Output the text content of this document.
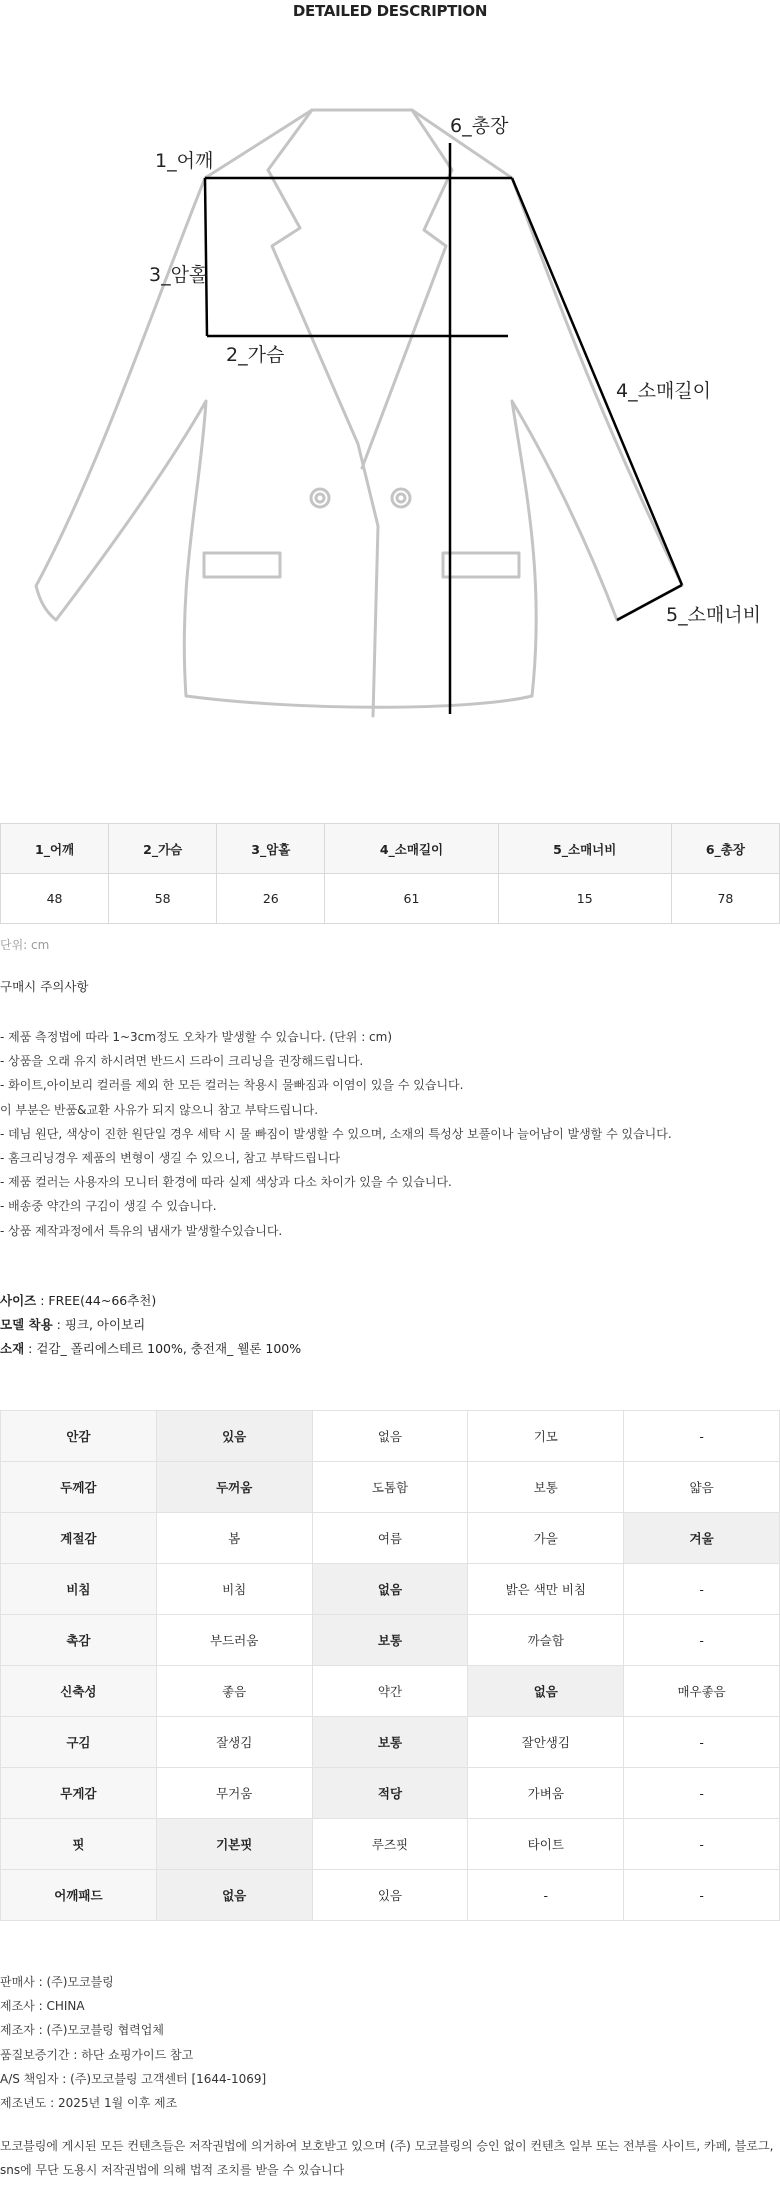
DETAILED DESCRIPTION
1_어깨
3_암홀
2_가슴
6_총장
4_소매길이
5_소매너비
1_어깨	2_가슴	3_암홀	4_소매길이	5_소매너비	6_총장
48	58	26	61	15	78
단위: cm
구매시 주의사항
- 제품 측정법에 따라 1~3cm정도 오차가 발생할 수 있습니다. (단위 : cm)
- 상품을 오래 유지 하시려면 반드시 드라이 크리닝을 권장해드립니다.
- 화이트,아이보리 컬러를 제외 한 모든 컬러는 착용시 물빠짐과 이염이 있을 수 있습니다.
이 부분은 반품&교환 사유가 되지 않으니 참고 부탁드립니다.
- 데님 원단, 색상이 진한 원단일 경우 세탁 시 물 빠짐이 발생할 수 있으며, 소재의 특성상 보풀이나 늘어남이 발생할 수 있습니다.
- 홈크리닝경우 제품의 변형이 생길 수 있으니, 참고 부탁드립니다
- 제품 컬러는 사용자의 모니터 환경에 따라 실제 색상과 다소 차이가 있을 수 있습니다.
- 배송중 약간의 구김이 생길 수 있습니다.
- 상품 제작과정에서 특유의 냄새가 발생할수있습니다.
사이즈 : FREE(44~66추천)
모델 착용 : 핑크, 아이보리
소재 : 겉감_ 폴리에스테르 100%, 충전재_ 웰론 100%
안감	있음	없음	기모	-
두께감	두꺼움	도톰함	보통	얇음
계절감	봄	여름	가을	겨울
비침	비침	없음	밝은 색만 비침	-
촉감	부드러움	보통	까슬함	-
신축성	좋음	약간	없음	매우좋음
구김	잘생김	보통	잘안생김	-
무게감	무거움	적당	가벼움	-
핏	기본핏	루즈핏	타이트	-
어깨패드	없음	있음	-	-
판매사 : (주)모코블링
제조사 : CHINA
제조자 : (주)모코블링 협력업체
품질보증기간 : 하단 쇼핑가이드 참고
A/S 책임자 : (주)모코블링 고객센터 [1644-1069]
제조년도 : 2025년 1월 이후 제조
모코블링에 게시된 모든 컨텐츠들은 저작권법에 의거하여 보호받고 있으며 (주) 모코블링의 승인 없이 컨텐츠 일부 또는 전부를 사이트, 카페, 블로그, sns에 무단 도용시 저작권법에 의해 법적 조치를 받을 수 있습니다
